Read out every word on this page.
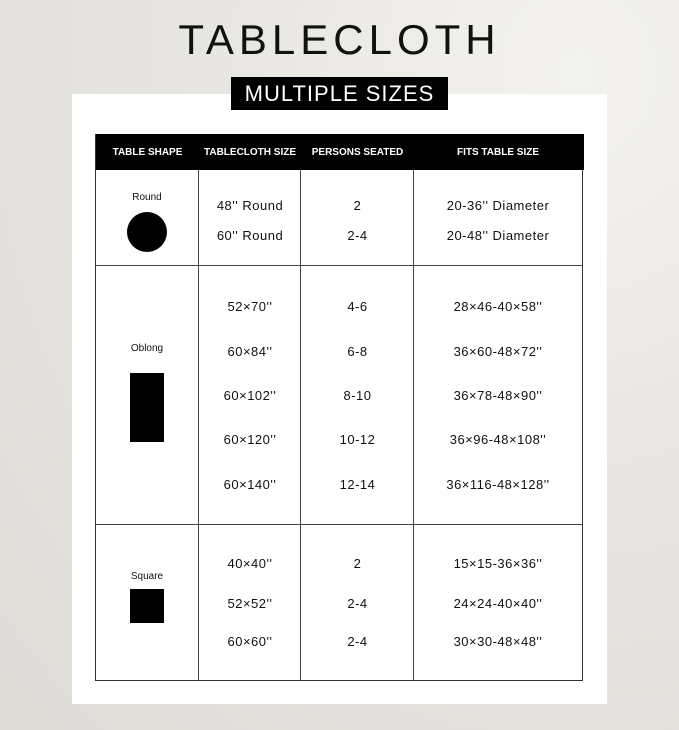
TABLECLOTH
MULTIPLE SIZES
TABLE SHAPE	TABLECLOTH SIZE	PERSONS SEATED	FITS TABLE SIZE
Round
48'' Round	2	20-36'' Diameter
60'' Round	2-4	20-48'' Diameter
Oblong
52×70''	4-6	28×46-40×58''
60×84''	6-8	36×60-48×72''
60×102''	8-10	36×78-48×90''
60×120''	10-12	36×96-48×108''
60×140''	12-14	36×116-48×128''
Square
40×40''	2	15×15-36×36''
52×52''	2-4	24×24-40×40''
60×60''	2-4	30×30-48×48''
